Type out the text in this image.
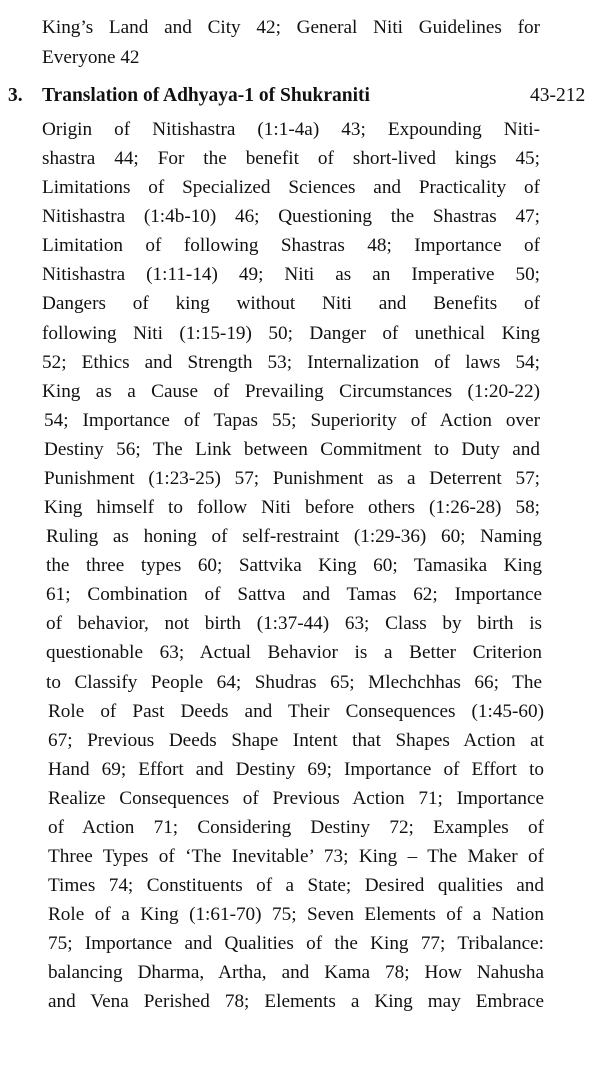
King’s Land and City 42; General Niti Guidelines for
Everyone 42
3. Translation of Adhyaya-1 of Shukraniti	43-212
Origin of Nitishastra (1:1-4a) 43; Expounding Niti-
shastra 44; For the benefit of short-lived kings 45;
Limitations of Specialized Sciences and Practicality of
Nitishastra (1:4b-10) 46; Questioning the Shastras 47;
Limitation of following Shastras 48; Importance of
Nitishastra (1:11-14) 49; Niti as an Imperative 50;
Dangers of king without Niti and Benefits of
following Niti (1:15-19) 50; Danger of unethical King
52; Ethics and Strength 53; Internalization of laws 54;
King as a Cause of Prevailing Circumstances (1:20-22)
54; Importance of Tapas 55; Superiority of Action over
Destiny 56; The Link between Commitment to Duty and
Punishment (1:23-25) 57; Punishment as a Deterrent 57;
King himself to follow Niti before others (1:26-28) 58;
Ruling as honing of self-restraint (1:29-36) 60; Naming
the three types 60; Sattvika King 60; Tamasika King
61; Combination of Sattva and Tamas 62; Importance
of behavior, not birth (1:37-44) 63; Class by birth is
questionable 63; Actual Behavior is a Better Criterion
to Classify People 64; Shudras 65; Mlechchhas 66; The
Role of Past Deeds and Their Consequences (1:45-60)
67; Previous Deeds Shape Intent that Shapes Action at
Hand 69; Effort and Destiny 69; Importance of Effort to
Realize Consequences of Previous Action 71; Importance
of Action 71; Considering Destiny 72; Examples of
Three Types of ‘The Inevitable’ 73; King – The Maker of
Times 74; Constituents of a State; Desired qualities and
Role of a King (1:61-70) 75; Seven Elements of a Nation
75; Importance and Qualities of the King 77; Tribalance:
balancing Dharma, Artha, and Kama 78; How Nahusha
and Vena Perished 78; Elements a King may Embrace
